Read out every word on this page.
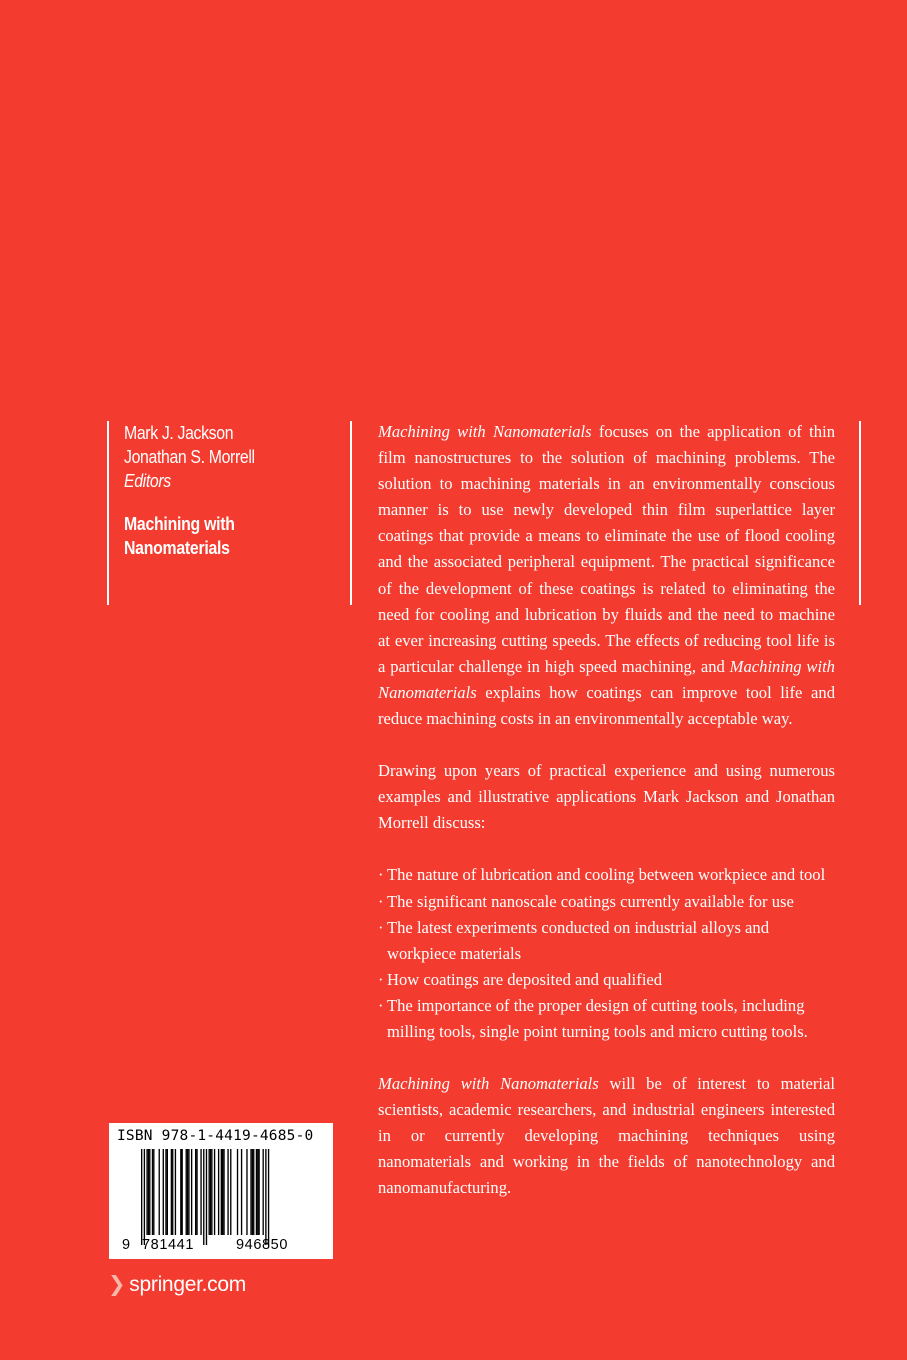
Mark J. Jackson
Jonathan S. Morrell
Editors
Machining with
Nanomaterials

Machining with Nanomaterials focuses on the application of thin film nanostructures to the solution of machining problems. The solution to machining materials in an environmentally conscious manner is to use newly developed thin film superlattice layer coatings that provide a means to eliminate the use of flood cooling and the associated peripheral equipment. The practical significance of the development of these coatings is related to eliminating the need for cooling and lubrication by fluids and the need to machine at ever increasing cutting speeds. The effects of reducing tool life is a particular challenge in high speed machining, and Machining with Nanomaterials explains how coatings can improve tool life and reduce machining costs in an environmentally acceptable way.

Drawing upon years of practical experience and using numerous examples and illustrative applications Mark Jackson and Jonathan Morrell discuss:

· The nature of lubrication and cooling between workpiece and tool
· The significant nanoscale coatings currently available for use
· The latest experiments conducted on industrial alloys and workpiece materials
· How coatings are deposited and qualified
· The importance of the proper design of cutting tools, including milling tools, single point turning tools and micro cutting tools.

Machining with Nanomaterials will be of interest to material scientists, academic researchers, and industrial engineers interested in or currently developing machining techniques using nanomaterials and working in the fields of nanotechnology and nanomanufacturing.

ISBN 978-1-4419-4685-0
9 781441	946850
❯ springer.com
